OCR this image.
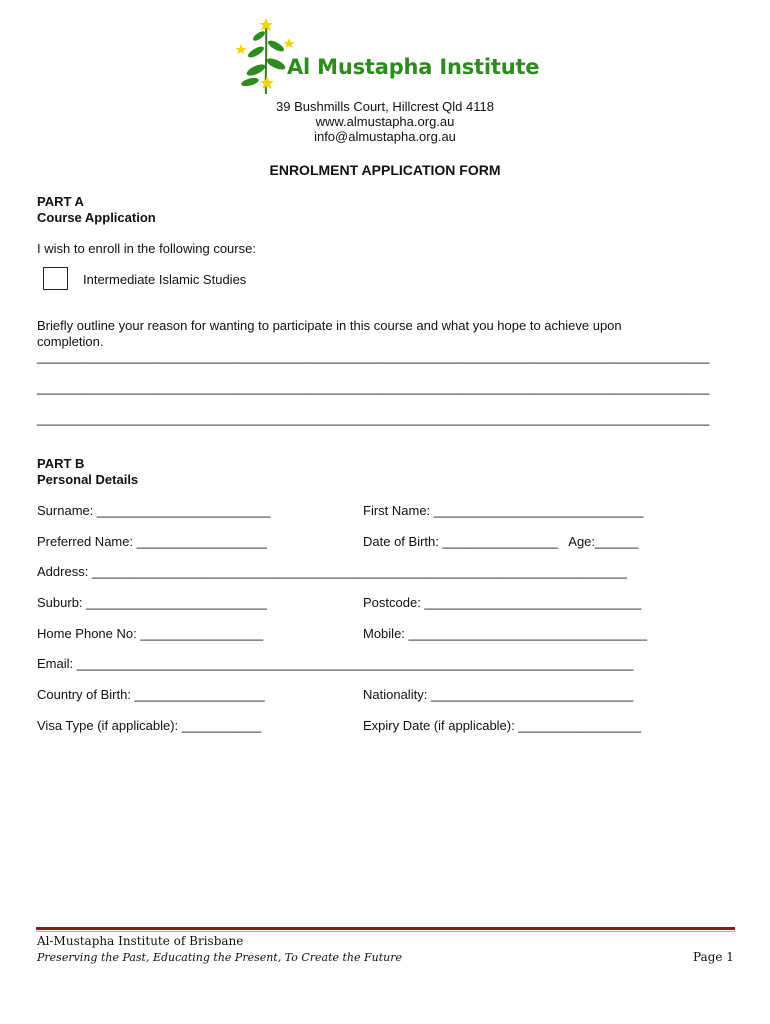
Al Mustapha Institute
39 Bushmills Court, Hillcrest Qld 4118
www.almustapha.org.au
info@almustapha.org.au
ENROLMENT APPLICATION FORM
PART A
Course Application
I wish to enroll in the following course:
Intermediate Islamic Studies
Briefly outline your reason for wanting to participate in this course and what you hope to achieve upon
completion.
_____________________________________________________________________________________________
_____________________________________________________________________________________________
_____________________________________________________________________________________________
PART B
Personal Details
Surname: ________________________	First Name: _____________________________
Preferred Name: __________________	Date of Birth: ________________   Age:______
Address: __________________________________________________________________________
Suburb: _________________________	Postcode: ______________________________
Home Phone No: _________________	Mobile: _________________________________
Email: _____________________________________________________________________________
Country of Birth: __________________	Nationality: ____________________________
Visa Type (if applicable): ___________	Expiry Date (if applicable): _________________
Al-Mustapha Institute of Brisbane
Preserving the Past, Educating the Present, To Create the Future	Page 1
